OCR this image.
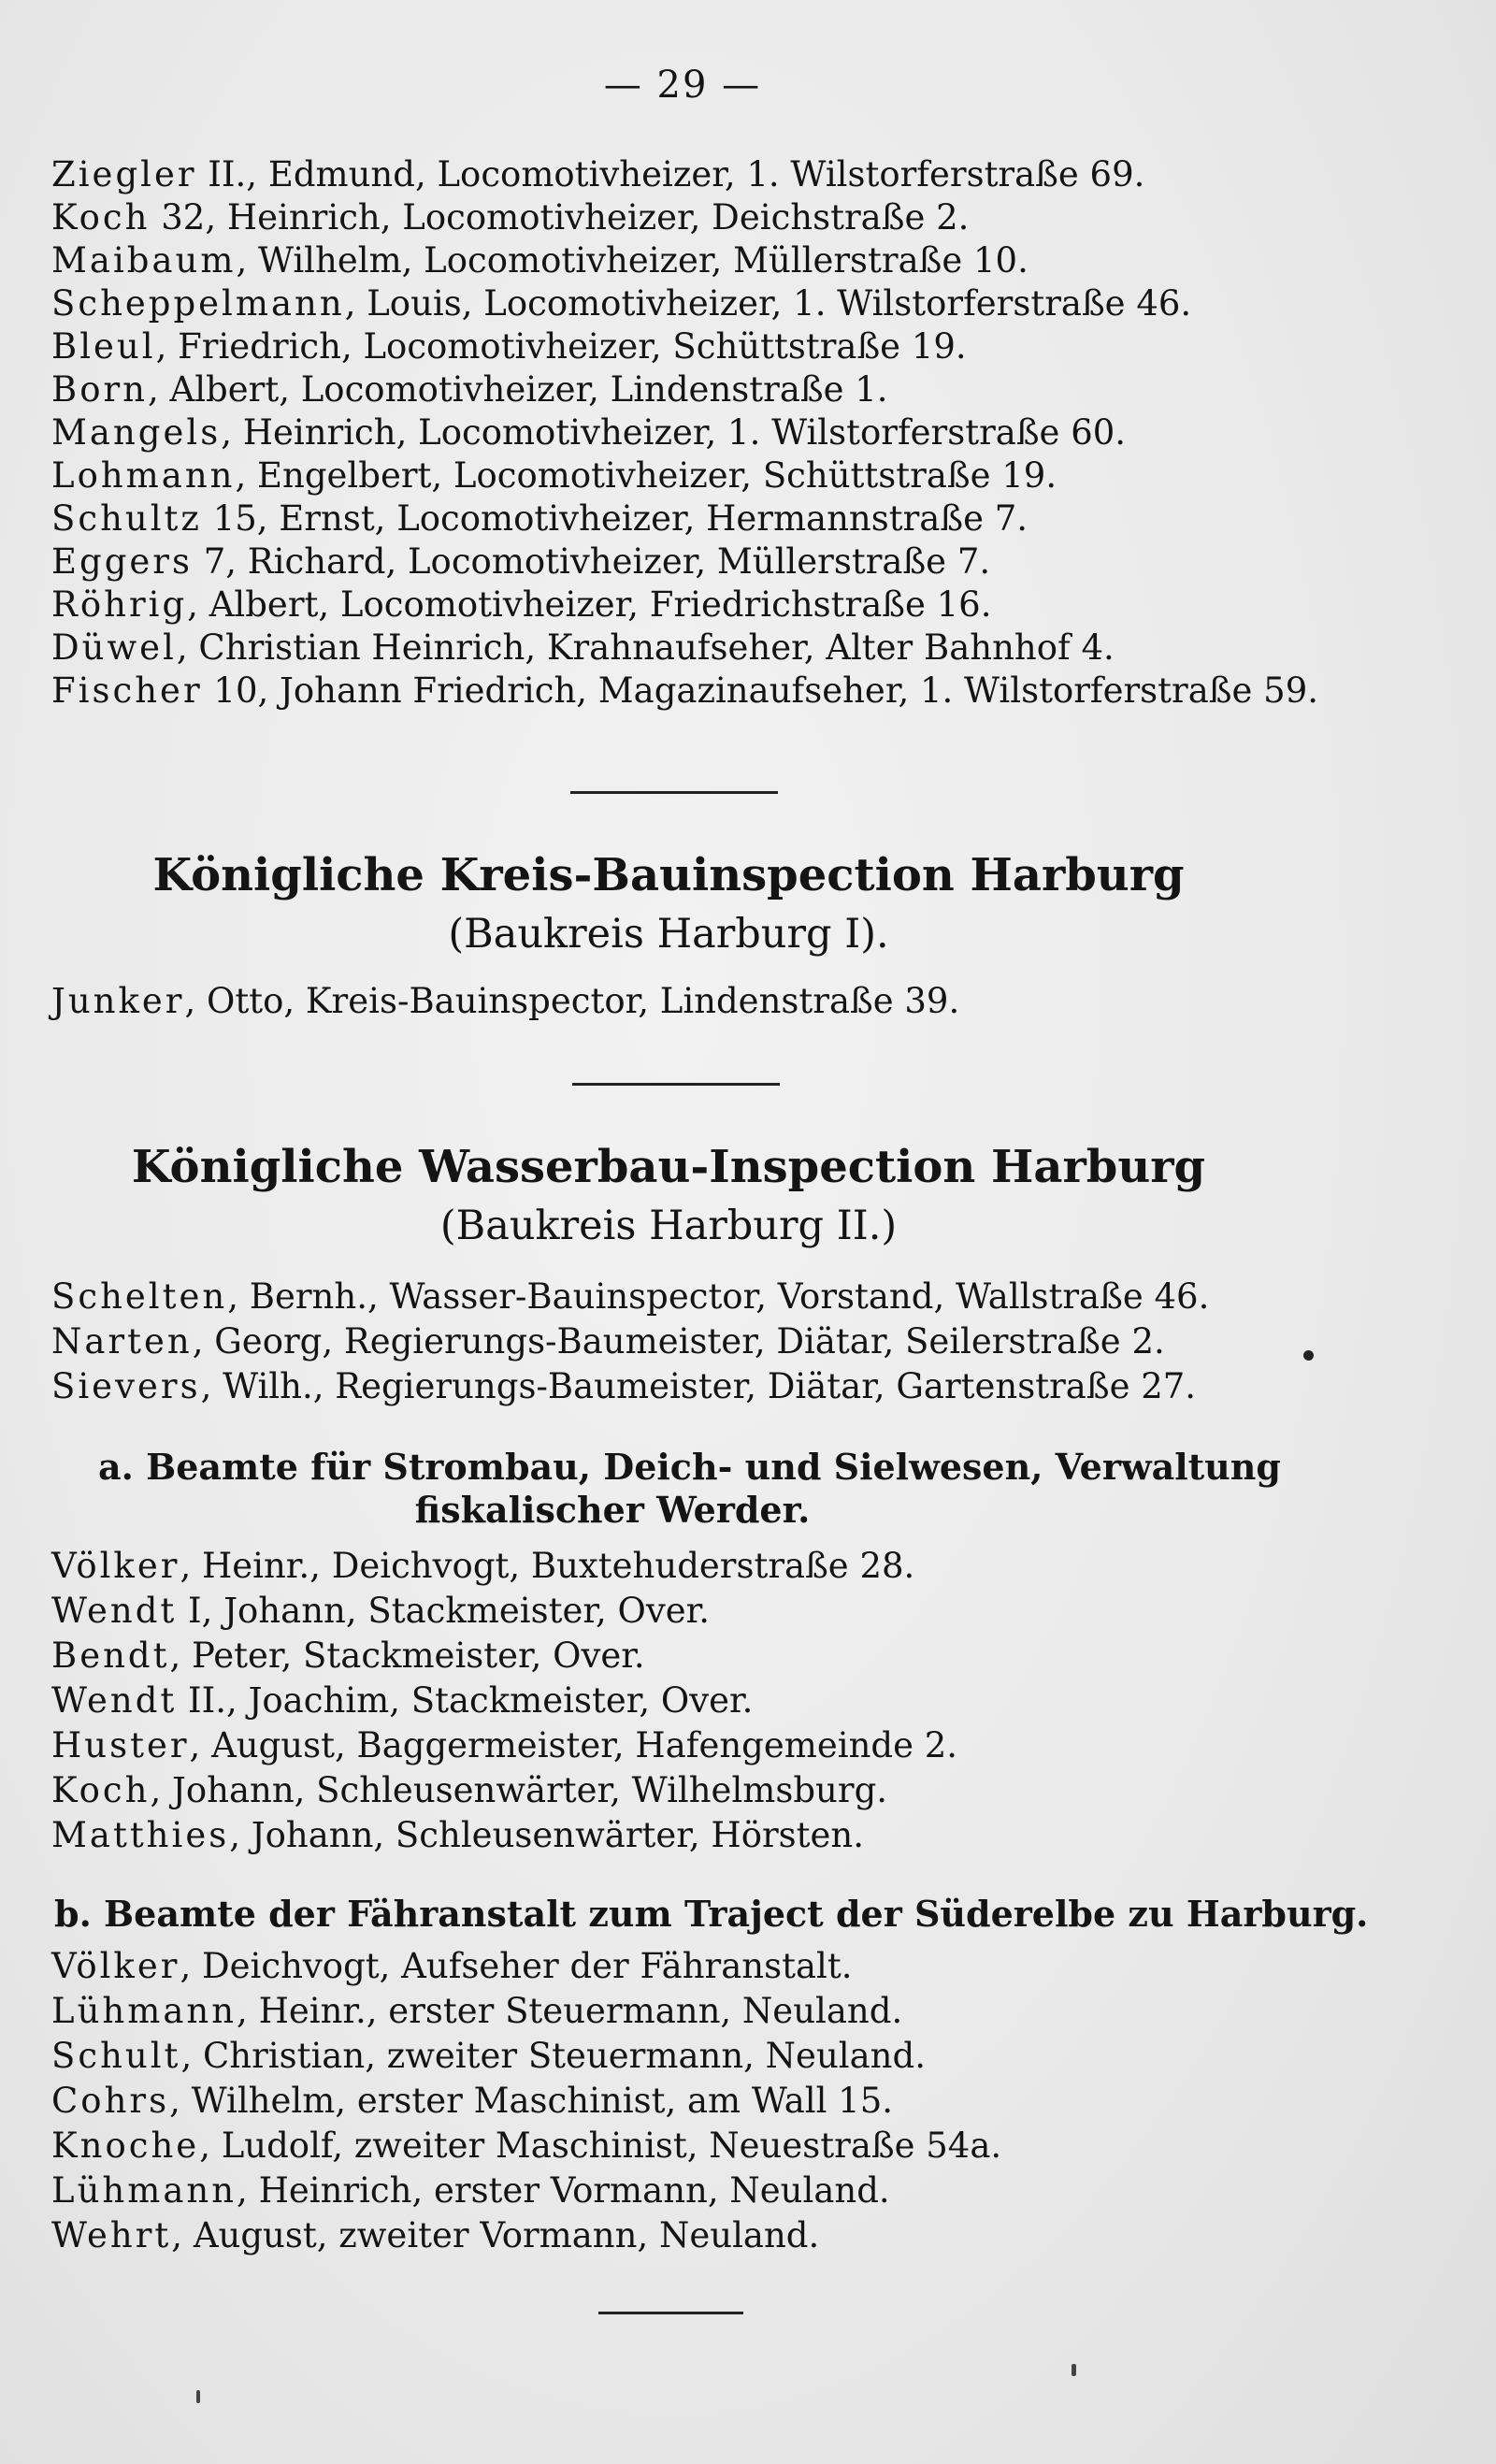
— 29 —
Ziegler II., Edmund, Locomotivheizer, 1. Wilstorferstraße 69.
Koch 32, Heinrich, Locomotivheizer, Deichstraße 2.
Maibaum, Wilhelm, Locomotivheizer, Müllerstraße 10.
Scheppelmann, Louis, Locomotivheizer, 1. Wilstorferstraße 46.
Bleul, Friedrich, Locomotivheizer, Schüttstraße 19.
Born, Albert, Locomotivheizer, Lindenstraße 1.
Mangels, Heinrich, Locomotivheizer, 1. Wilstorferstraße 60.
Lohmann, Engelbert, Locomotivheizer, Schüttstraße 19.
Schultz 15, Ernst, Locomotivheizer, Hermannstraße 7.
Eggers 7, Richard, Locomotivheizer, Müllerstraße 7.
Röhrig, Albert, Locomotivheizer, Friedrichstraße 16.
Düwel, Christian Heinrich, Krahnaufseher, Alter Bahnhof 4.
Fischer 10, Johann Friedrich, Magazinaufseher, 1. Wilstorferstraße 59.
Königliche Kreis-Bauinspection Harburg
(Baukreis Harburg I).
Junker, Otto, Kreis-Bauinspector, Lindenstraße 39.
Königliche Wasserbau-Inspection Harburg
(Baukreis Harburg II.)
Schelten, Bernh., Wasser-Bauinspector, Vorstand, Wallstraße 46.
Narten, Georg, Regierungs-Baumeister, Diätar, Seilerstraße 2.
Sievers, Wilh., Regierungs-Baumeister, Diätar, Gartenstraße 27.
a. Beamte für Strombau, Deich- und Sielwesen, Verwaltung
fiskalischer Werder.
Völker, Heinr., Deichvogt, Buxtehuderstraße 28.
Wendt I, Johann, Stackmeister, Over.
Bendt, Peter, Stackmeister, Over.
Wendt II., Joachim, Stackmeister, Over.
Huster, August, Baggermeister, Hafengemeinde 2.
Koch, Johann, Schleusenwärter, Wilhelmsburg.
Matthies, Johann, Schleusenwärter, Hörsten.
b. Beamte der Fähranstalt zum Traject der Süderelbe zu Harburg.
Völker, Deichvogt, Aufseher der Fähranstalt.
Lühmann, Heinr., erster Steuermann, Neuland.
Schult, Christian, zweiter Steuermann, Neuland.
Cohrs, Wilhelm, erster Maschinist, am Wall 15.
Knoche, Ludolf, zweiter Maschinist, Neuestraße 54a.
Lühmann, Heinrich, erster Vormann, Neuland.
Wehrt, August, zweiter Vormann, Neuland.
